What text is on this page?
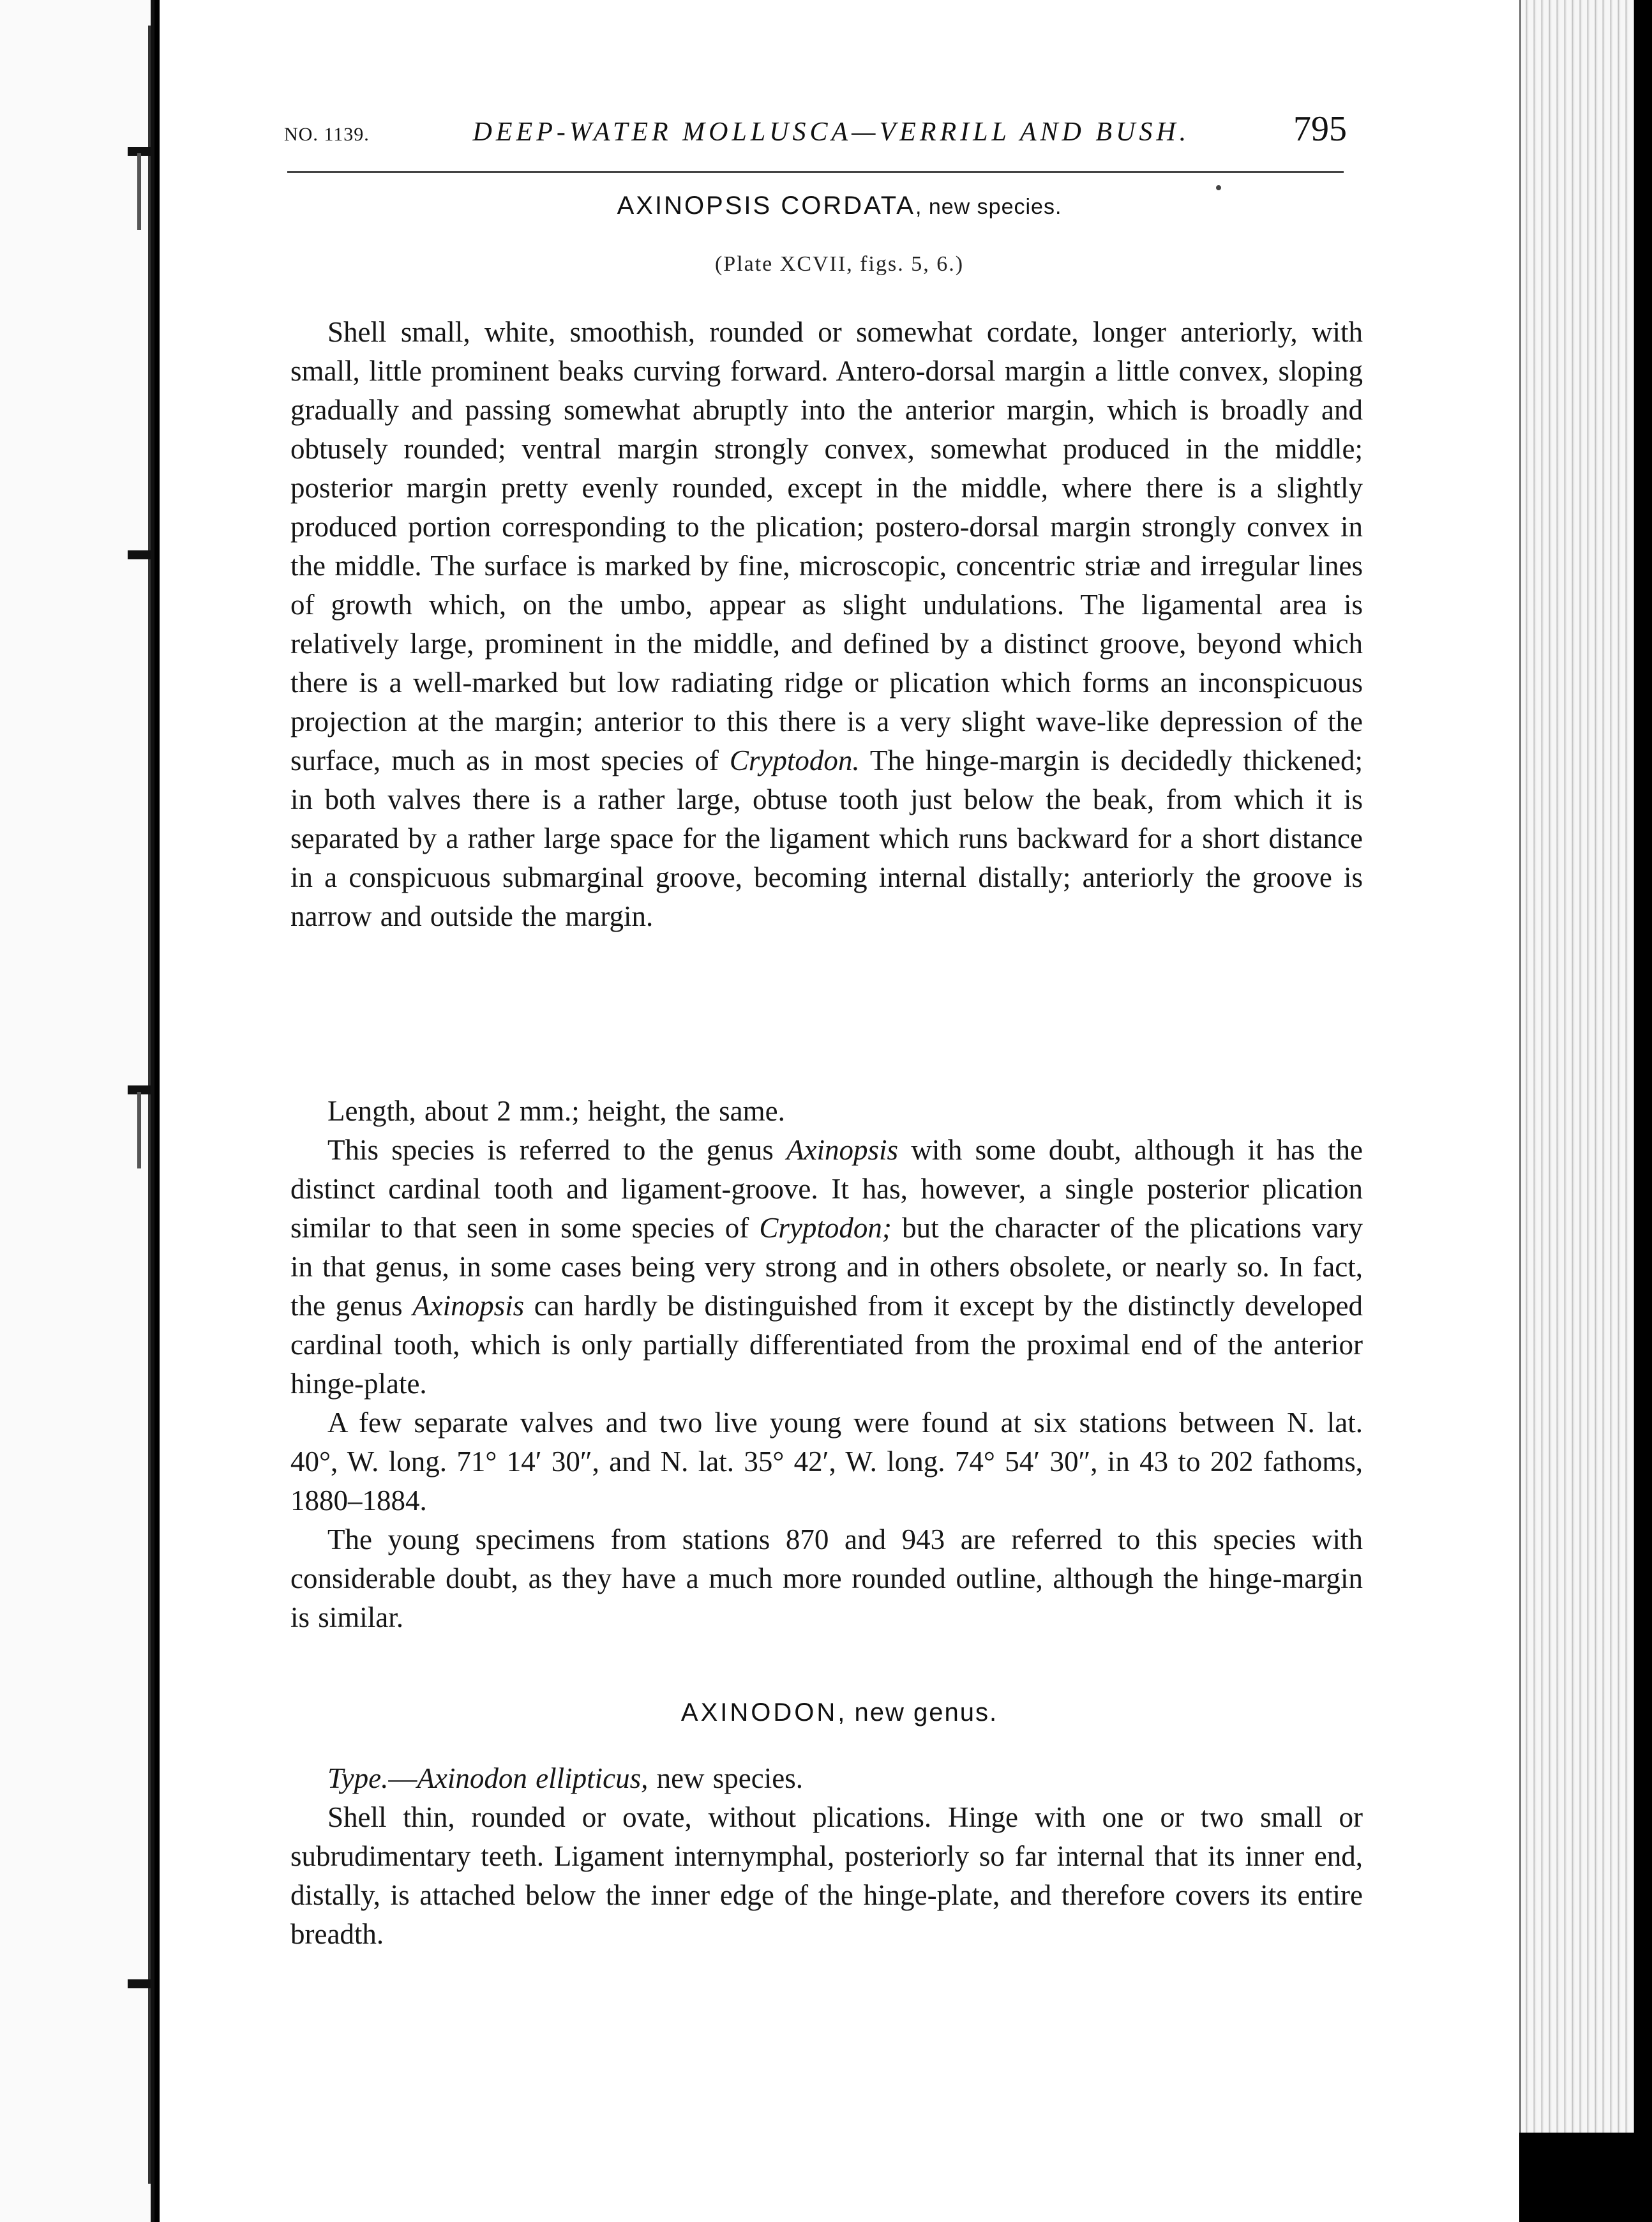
NO. 1139.	DEEP-WATER MOLLUSCA—VERRILL AND BUSH.	795
AXINOPSIS CORDATA, new species.
(Plate XCVII, figs. 5, 6.)

Shell small, white, smoothish, rounded or somewhat cordate, longer anteriorly, with small, little prominent beaks curving forward. Antero-dorsal margin a little convex, sloping gradually and passing somewhat abruptly into the anterior margin, which is broadly and obtusely rounded; ventral margin strongly convex, somewhat produced in the middle; posterior margin pretty evenly rounded, except in the middle, where there is a slightly produced portion corresponding to the plication; postero-dorsal margin strongly convex in the middle. The surface is marked by fine, microscopic, concentric striæ and irregular lines of growth which, on the umbo, appear as slight undulations. The ligamental area is relatively large, prominent in the middle, and defined by a distinct groove, beyond which there is a well-marked but low radiating ridge or plication which forms an inconspicuous projection at the margin; anterior to this there is a very slight wave-like depression of the surface, much as in most species of Cryptodon. The hinge-margin is decidedly thickened; in both valves there is a rather large, obtuse tooth just below the beak, from which it is separated by a rather large space for the ligament which runs backward for a short distance in a conspicuous submarginal groove, becoming internal distally; anteriorly the groove is narrow and outside the margin.

Length, about 2 mm.; height, the same.

This species is referred to the genus Axinopsis with some doubt, although it has the distinct cardinal tooth and ligament-groove. It has, however, a single posterior plication similar to that seen in some species of Cryptodon; but the character of the plications vary in that genus, in some cases being very strong and in others obsolete, or nearly so. In fact, the genus Axinopsis can hardly be distinguished from it except by the distinctly developed cardinal tooth, which is only partially differentiated from the proximal end of the anterior hinge-plate.

A few separate valves and two live young were found at six stations between N. lat. 40°, W. long. 71° 14′ 30″, and N. lat. 35° 42′, W. long. 74° 54′ 30″, in 43 to 202 fathoms, 1880–1884.

The young specimens from stations 870 and 943 are referred to this species with considerable doubt, as they have a much more rounded outline, although the hinge-margin is similar.

AXINODON, new genus.

Type.—Axinodon ellipticus, new species.

Shell thin, rounded or ovate, without plications. Hinge with one or two small or subrudimentary teeth. Ligament internymphal, posteriorly so far internal that its inner end, distally, is attached below the inner edge of the hinge-plate, and therefore covers its entire breadth.
